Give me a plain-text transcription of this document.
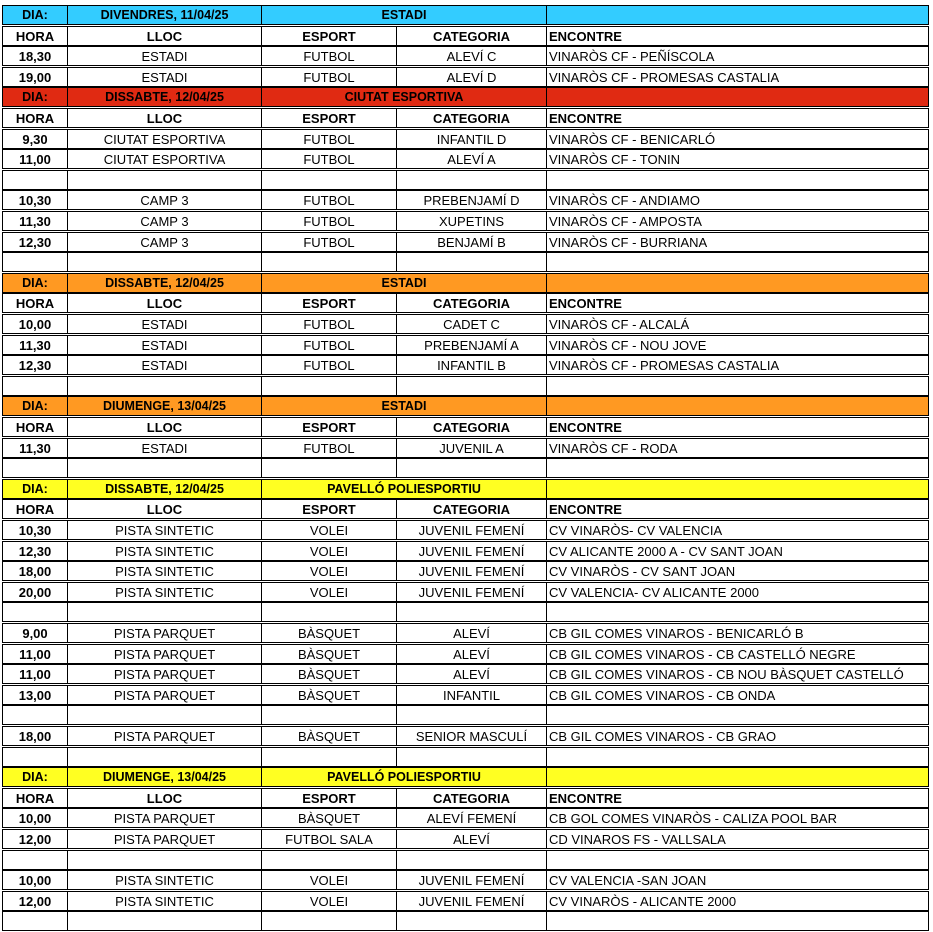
DIA:	DIVENDRES, 11/04/25	ESTADI
HORA	LLOC	ESPORT	CATEGORIA	ENCONTRE
18,30	ESTADI	FUTBOL	ALEVÍ C	VINARÒS CF - PEÑÍSCOLA
19,00	ESTADI	FUTBOL	ALEVÍ D	VINARÒS CF - PROMESAS CASTALIA
DIA:	DISSABTE, 12/04/25	CIUTAT ESPORTIVA
HORA	LLOC	ESPORT	CATEGORIA	ENCONTRE
9,30	CIUTAT ESPORTIVA	FUTBOL	INFANTIL D	VINARÒS CF - BENICARLÓ
11,00	CIUTAT ESPORTIVA	FUTBOL	ALEVÍ A	VINARÒS CF - TONIN
10,30	CAMP 3	FUTBOL	PREBENJAMÍ D	VINARÒS CF - ANDIAMO
11,30	CAMP 3	FUTBOL	XUPETINS	VINARÒS CF - AMPOSTA
12,30	CAMP 3	FUTBOL	BENJAMÍ B	VINARÒS CF - BURRIANA
DIA:	DISSABTE, 12/04/25	ESTADI
HORA	LLOC	ESPORT	CATEGORIA	ENCONTRE
10,00	ESTADI	FUTBOL	CADET C	VINARÒS CF - ALCALÁ
11,30	ESTADI	FUTBOL	PREBENJAMÍ A	VINARÒS CF - NOU JOVE
12,30	ESTADI	FUTBOL	INFANTIL B	VINARÒS CF - PROMESAS CASTALIA
DIA:	DIUMENGE, 13/04/25	ESTADI
HORA	LLOC	ESPORT	CATEGORIA	ENCONTRE
11,30	ESTADI	FUTBOL	JUVENIL A	VINARÒS CF - RODA
DIA:	DISSABTE, 12/04/25	PAVELLÓ POLIESPORTIU
HORA	LLOC	ESPORT	CATEGORIA	ENCONTRE
10,30	PISTA SINTETIC	VOLEI	JUVENIL FEMENÍ	CV VINARÒS- CV VALENCIA
12,30	PISTA SINTETIC	VOLEI	JUVENIL FEMENÍ	CV ALICANTE 2000 A - CV SANT JOAN
18,00	PISTA SINTETIC	VOLEI	JUVENIL FEMENÍ	CV VINARÒS - CV SANT JOAN
20,00	PISTA SINTETIC	VOLEI	JUVENIL FEMENÍ	CV VALENCIA- CV ALICANTE 2000
9,00	PISTA PARQUET	BÀSQUET	ALEVÍ	CB GIL COMES VINAROS - BENICARLÓ B
11,00	PISTA PARQUET	BÀSQUET	ALEVÍ	CB GIL COMES VINAROS - CB CASTELLÓ NEGRE
11,00	PISTA PARQUET	BÀSQUET	ALEVÍ	CB GIL COMES VINAROS - CB NOU BÀSQUET CASTELLÓ
13,00	PISTA PARQUET	BÀSQUET	INFANTIL	CB GIL COMES VINAROS - CB ONDA
18,00	PISTA PARQUET	BÀSQUET	SENIOR MASCULÍ	CB GIL COMES VINAROS - CB GRAO
DIA:	DIUMENGE, 13/04/25	PAVELLÓ POLIESPORTIU
HORA	LLOC	ESPORT	CATEGORIA	ENCONTRE
10,00	PISTA PARQUET	BÀSQUET	ALEVÍ FEMENÍ	CB GOL COMES VINARÒS - CALIZA POOL BAR
12,00	PISTA PARQUET	FUTBOL SALA	ALEVÍ	CD VINAROS FS - VALLSALA
10,00	PISTA SINTETIC	VOLEI	JUVENIL FEMENÍ	CV VALENCIA -SAN JOAN
12,00	PISTA SINTETIC	VOLEI	JUVENIL FEMENÍ	CV VINARÒS - ALICANTE 2000
